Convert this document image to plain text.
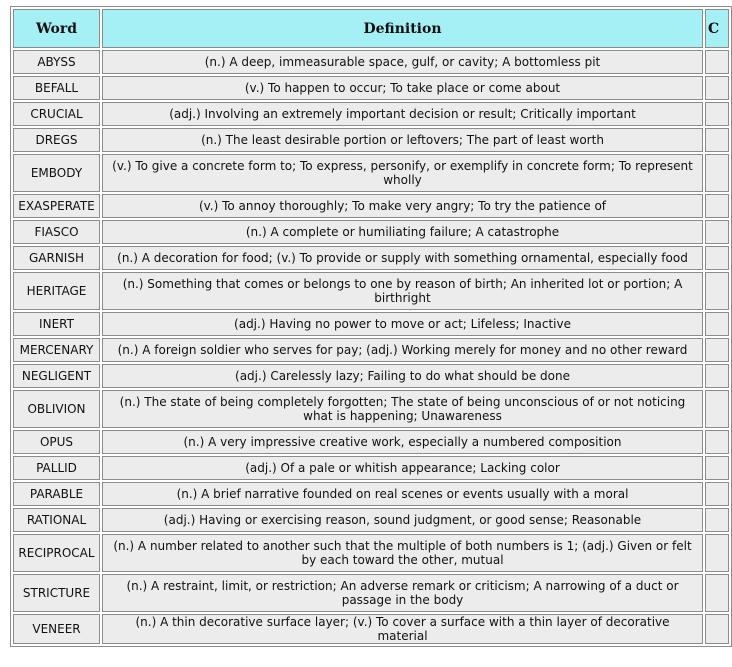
Word	Definition	C
ABYSS	(n.) A deep, immeasurable space, gulf, or cavity; A bottomless pit	
BEFALL	(v.) To happen to occur; To take place or come about	
CRUCIAL	(adj.) Involving an extremely important decision or result; Critically important	
DREGS	(n.) The least desirable portion or leftovers; The part of least worth	
EMBODY	(v.) To give a concrete form to; To express, personify, or exemplify in concrete form; To represent wholly	
EXASPERATE	(v.) To annoy thoroughly; To make very angry; To try the patience of	
FIASCO	(n.) A complete or humiliating failure; A catastrophe	
GARNISH	(n.) A decoration for food; (v.) To provide or supply with something ornamental, especially food	
HERITAGE	(n.) Something that comes or belongs to one by reason of birth; An inherited lot or portion; A birthright	
INERT	(adj.) Having no power to move or act; Lifeless; Inactive	
MERCENARY	(n.) A foreign soldier who serves for pay; (adj.) Working merely for money and no other reward	
NEGLIGENT	(adj.) Carelessly lazy; Failing to do what should be done	
OBLIVION	(n.) The state of being completely forgotten; The state of being unconscious of or not noticing what is happening; Unawareness	
OPUS	(n.) A very impressive creative work, especially a numbered composition	
PALLID	(adj.) Of a pale or whitish appearance; Lacking color	
PARABLE	(n.) A brief narrative founded on real scenes or events usually with a moral	
RATIONAL	(adj.) Having or exercising reason, sound judgment, or good sense; Reasonable	
RECIPROCAL	(n.) A number related to another such that the multiple of both numbers is 1; (adj.) Given or felt by each toward the other, mutual	
STRICTURE	(n.) A restraint, limit, or restriction; An adverse remark or criticism; A narrowing of a duct or passage in the body	
VENEER	(n.) A thin decorative surface layer; (v.) To cover a surface with a thin layer of decorative material	
